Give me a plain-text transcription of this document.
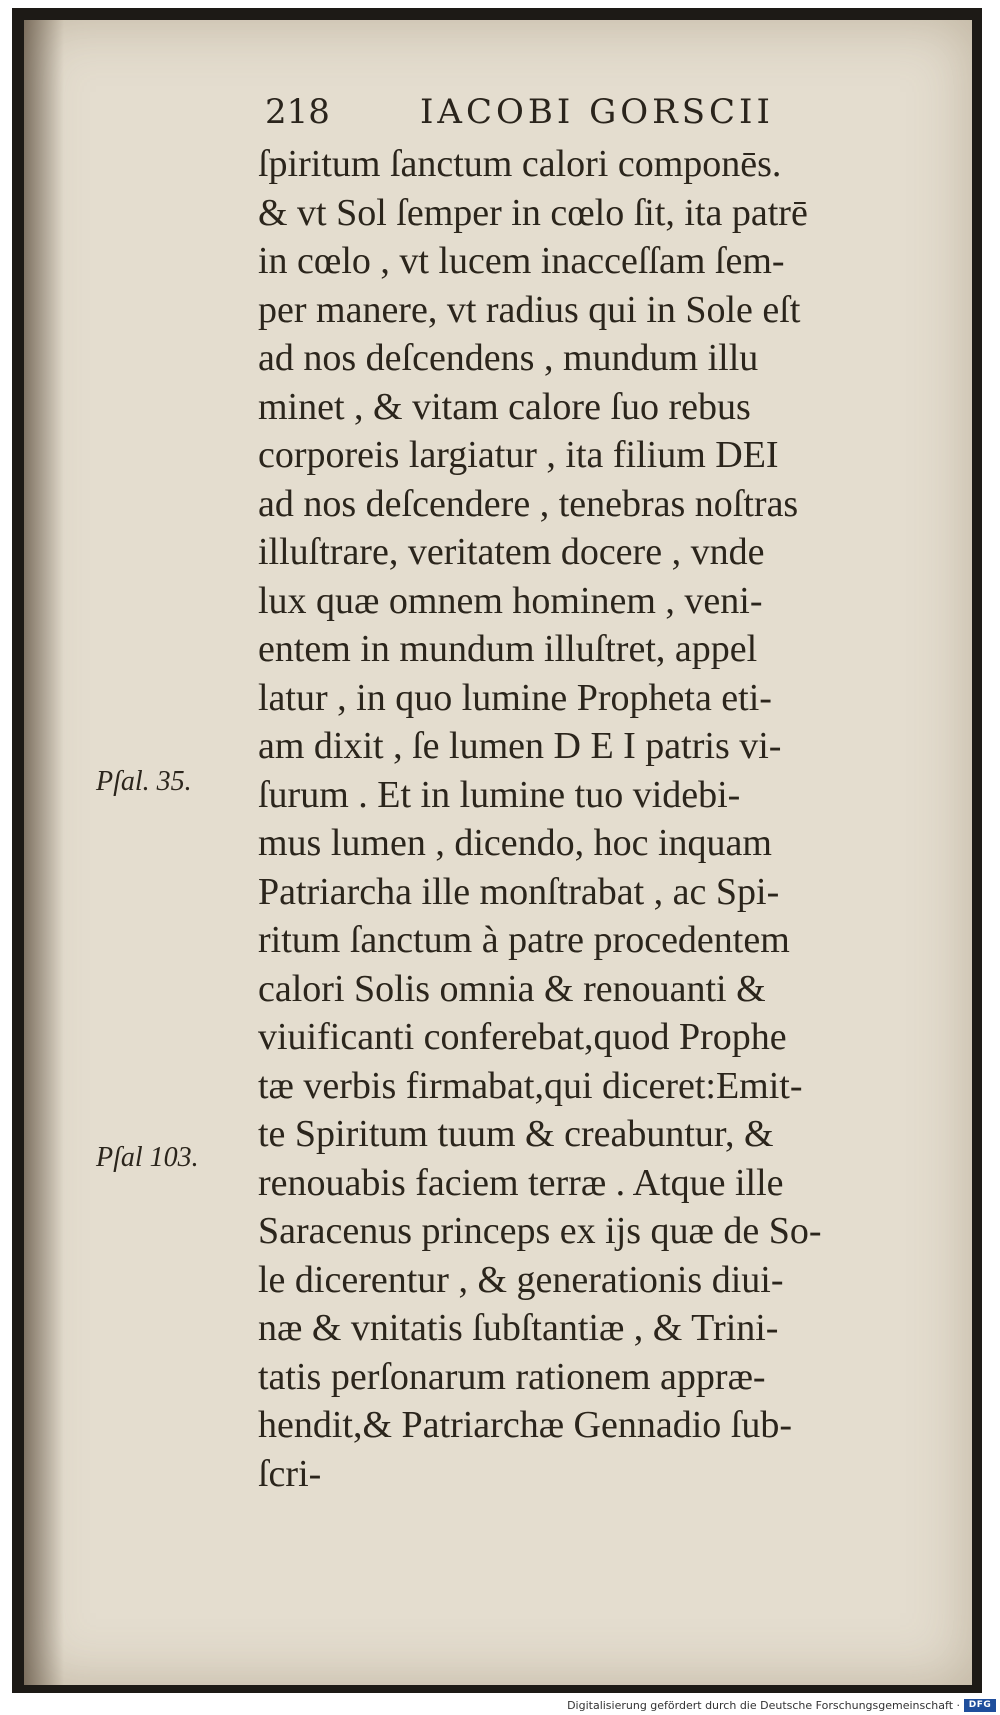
218	IACOBI GORSCII
ſpiritum ſanctum calori componēs.
& vt Sol ſemper in cœlo ſit, ita patrē
in cœlo , vt lucem inacceſſam ſem-
per manere, vt radius qui in Sole eſt
ad nos deſcendens , mundum illu
minet , & vitam calore ſuo rebus
corporeis largiatur , ita filium DEI
ad nos deſcendere , tenebras noſtras
illuſtrare, veritatem docere , vnde
lux quæ omnem hominem , veni-
entem in mundum illuſtret, appel
latur , in quo lumine Propheta eti-
am dixit , ſe lumen D E I patris vi-
ſurum . Et in lumine tuo videbi-
mus lumen , dicendo, hoc inquam
Patriarcha ille monſtrabat , ac Spi-
ritum ſanctum à patre procedentem
calori Solis omnia & renouanti &
viuificanti conferebat,quod Prophe
tæ verbis firmabat,qui diceret:Emit-
te Spiritum tuum & creabuntur, &
renouabis faciem terræ . Atque ille
Saracenus princeps ex ijs quæ de So-
le dicerentur , & generationis diui-
næ & vnitatis ſubſtantiæ , & Trini-
tatis perſonarum rationem appræ-
hendit,& Patriarchæ Gennadio ſub-
ſcri-
Pſal. 35.
Pſal 103.
Digitalisierung gefördert durch die Deutsche Forschungsgemeinschaft · DFG
